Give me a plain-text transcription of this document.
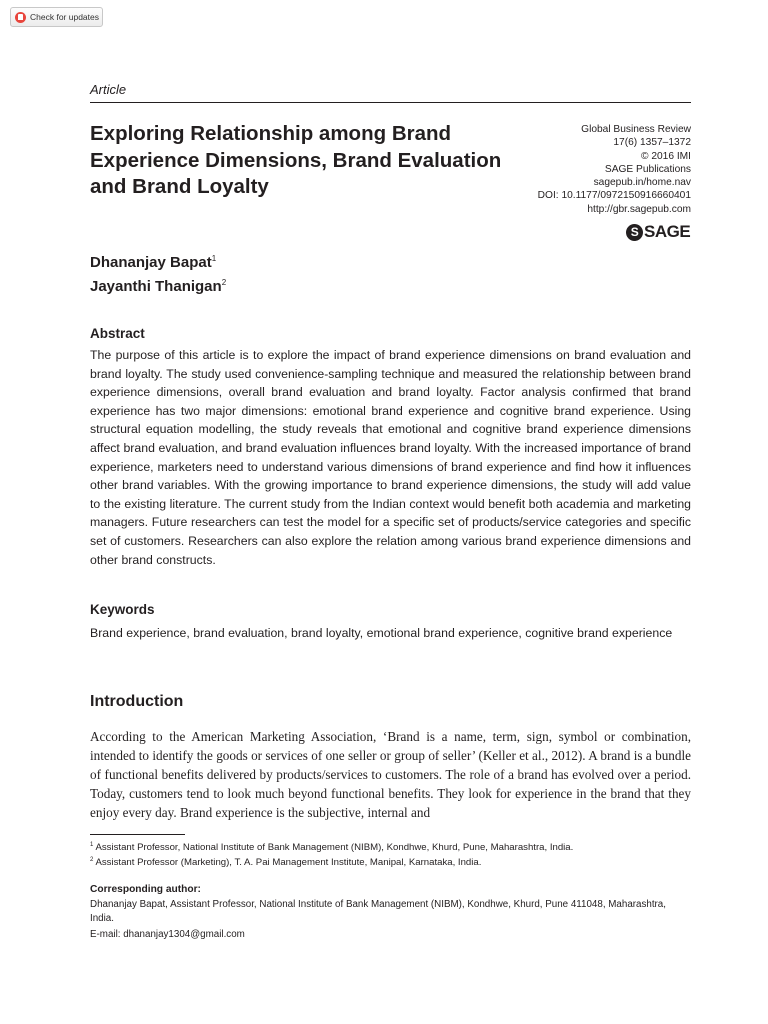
Check for updates
Article
Exploring Relationship among Brand Experience Dimensions, Brand Evaluation and Brand Loyalty
Global Business Review
17(6) 1357–1372
© 2016 IMI
SAGE Publications
sagepub.in/home.nav
DOI: 10.1177/0972150916660401
http://gbr.sagepub.com
S SAGE
Dhananjay Bapat$^1$
Jayanthi Thanigan$^2$
Abstract

The purpose of this article is to explore the impact of brand experience dimensions on brand evaluation and brand loyalty. The study used convenience-sampling technique and measured the relationship between brand experience dimensions, overall brand evaluation and brand loyalty. Factor analysis confirmed that brand experience has two major dimensions: emotional brand experience and cognitive brand experience. Using structural equation modelling, the study reveals that emotional and cognitive brand experience dimensions affect brand evaluation, and brand evaluation influences brand loyalty. With the increased importance of brand experience, marketers need to understand various dimensions of brand experience and find how it influences other brand variables. With the growing importance to brand experience dimensions, the study will add value to the existing literature. The current study from the Indian context would benefit both academia and marketing managers. Future researchers can test the model for a specific set of products/service categories and specific set of customers. Researchers can also explore the relation among various brand experience dimensions and other brand constructs.

Keywords

Brand experience, brand evaluation, brand loyalty, emotional brand experience, cognitive brand experience

Introduction

According to the American Marketing Association, ‘Brand is a name, term, sign, symbol or combination, intended to identify the goods or services of one seller or group of seller’ (Keller et al., 2012). A brand is a bundle of functional benefits delivered by products/services to customers. The role of a brand has evolved over a period. Today, customers tend to look much beyond functional benefits. They look for experience in the brand that they enjoy every day. Brand experience is the subjective, internal and

$^1$ Assistant Professor, National Institute of Bank Management (NIBM), Kondhwe, Khurd, Pune, Maharashtra, India.
$^2$ Assistant Professor (Marketing), T. A. Pai Management Institute, Manipal, Karnataka, India.
Corresponding author:

Dhananjay Bapat, Assistant Professor, National Institute of Bank Management (NIBM), Kondhwe, Khurd, Pune 411048, Maharashtra, India.

E-mail: dhananjay1304@gmail.com
